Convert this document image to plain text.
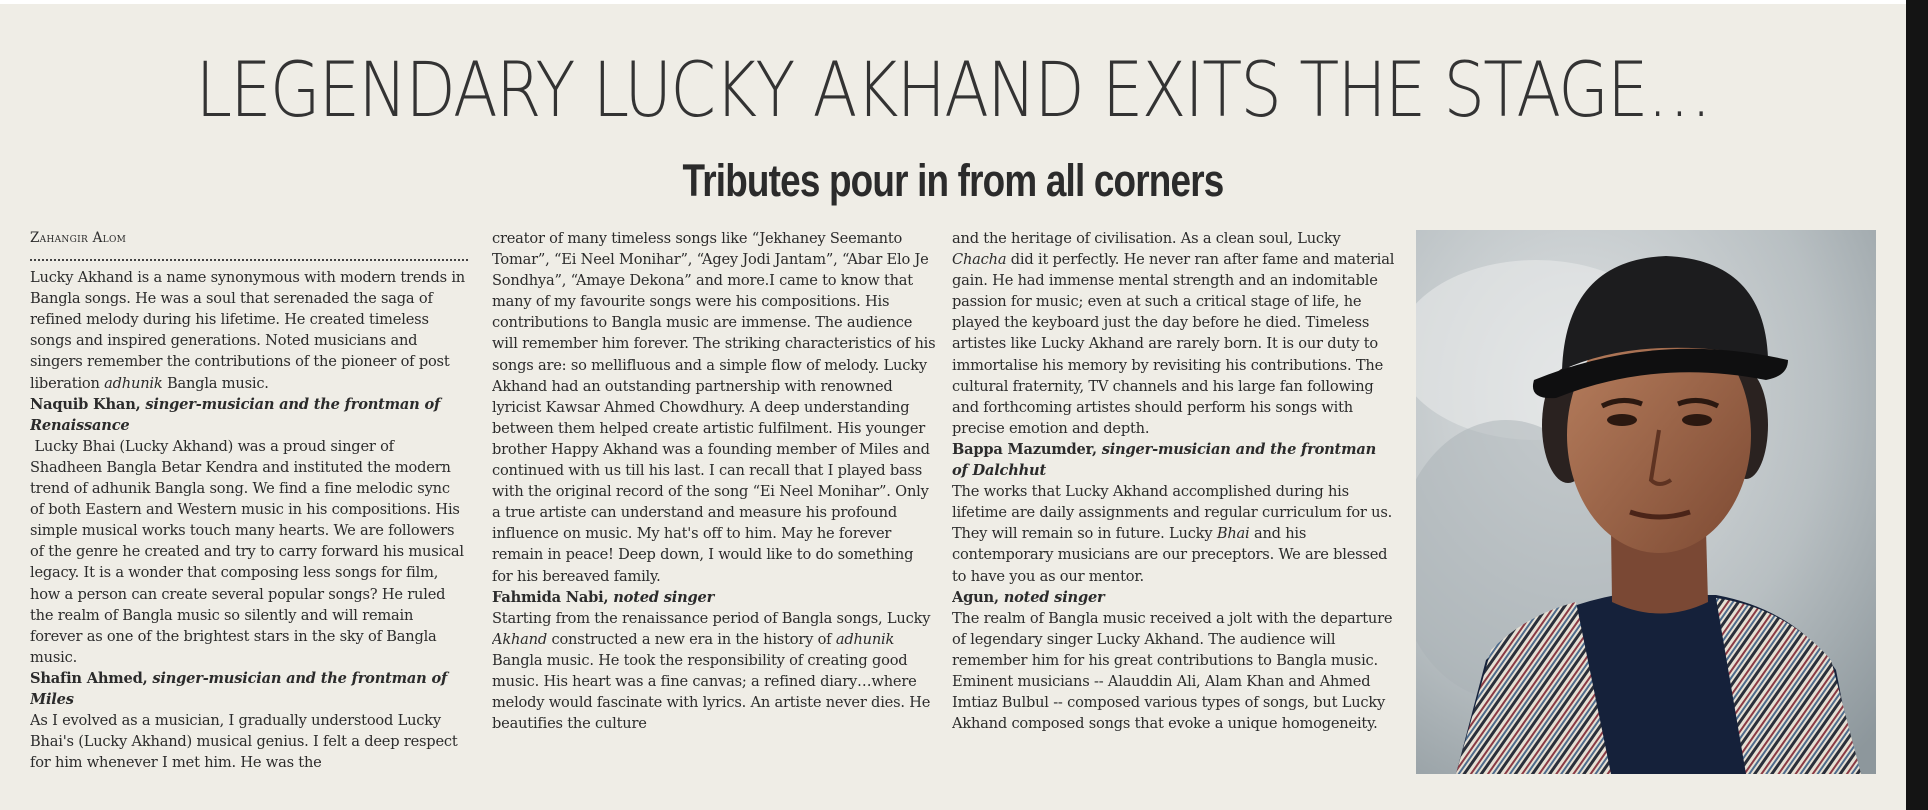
LEGENDARY LUCKY AKHAND EXITS THE STAGE…
Tributes pour in from all corners
Zahangir Alom

Lucky Akhand is a name synonymous with modern trends in Bangla songs. He was a soul that serenaded the saga of refined melody during his lifetime. He created timeless songs and inspired generations. Noted musicians and singers remember the contributions of the pioneer of post liberation adhunik Bangla music.

Naquib Khan, singer-musician and the frontman of Renaissance

Lucky Bhai (Lucky Akhand) was a proud singer of Shadheen Bangla Betar Kendra and instituted the modern trend of adhunik Bangla song. We find a fine melodic sync of both Eastern and Western music in his compositions. His simple musical works touch many hearts. We are followers of the genre he created and try to carry forward his musical legacy. It is a wonder that composing less songs for film, how a person can create several popular songs? He ruled the realm of Bangla music so silently and will remain forever as one of the brightest stars in the sky of Bangla music.

Shafin Ahmed, singer-musician and the frontman of Miles

As I evolved as a musician, I gradually understood Lucky Bhai's (Lucky Akhand) musical genius. I felt a deep respect for him whenever I met him. He was the

creator of many timeless songs like “Jekhaney Seemanto Tomar”, “Ei Neel Monihar”, “Agey Jodi Jantam”, “Abar Elo Je Sondhya”, “Amaye Dekona” and more.I came to know that many of my favourite songs were his compositions. His contributions to Bangla music are immense. The audience will remember him forever. The striking characteristics of his songs are: so mellifluous and a simple flow of melody. Lucky Akhand had an outstanding partnership with renowned lyricist Kawsar Ahmed Chowdhury. A deep understanding between them helped create artistic fulfilment. His younger brother Happy Akhand was a founding member of Miles and continued with us till his last. I can recall that I played bass with the original record of the song “Ei Neel Monihar”. Only a true artiste can understand and measure his profound influence on music. My hat's off to him. May he forever remain in peace! Deep down, I would like to do something for his bereaved family.

Fahmida Nabi, noted singer

Starting from the renaissance period of Bangla songs, Lucky Akhand constructed a new era in the history of adhunik Bangla music. He took the responsibility of creating good music. His heart was a fine canvas; a refined diary…where melody would fascinate with lyrics. An artiste never dies. He beautifies the culture

and the heritage of civilisation. As a clean soul, Lucky Chacha did it perfectly. He never ran after fame and material gain. He had immense mental strength and an indomitable passion for music; even at such a critical stage of life, he played the keyboard just the day before he died. Timeless artistes like Lucky Akhand are rarely born. It is our duty to immortalise his memory by revisiting his contributions. The cultural fraternity, TV channels and his large fan following and forthcoming artistes should perform his songs with precise emotion and depth.

Bappa Mazumder, singer-musician and the frontman of Dalchhut

The works that Lucky Akhand accomplished during his lifetime are daily assignments and regular curriculum for us. They will remain so in future. Lucky Bhai and his contemporary musicians are our preceptors. We are blessed to have you as our mentor.

Agun, noted singer

The realm of Bangla music received a jolt with the departure of legendary singer Lucky Akhand. The audience will remember him for his great contributions to Bangla music. Eminent musicians -- Alauddin Ali, Alam Khan and Ahmed Imtiaz Bulbul -- composed various types of songs, but Lucky Akhand composed songs that evoke a unique homogeneity.
